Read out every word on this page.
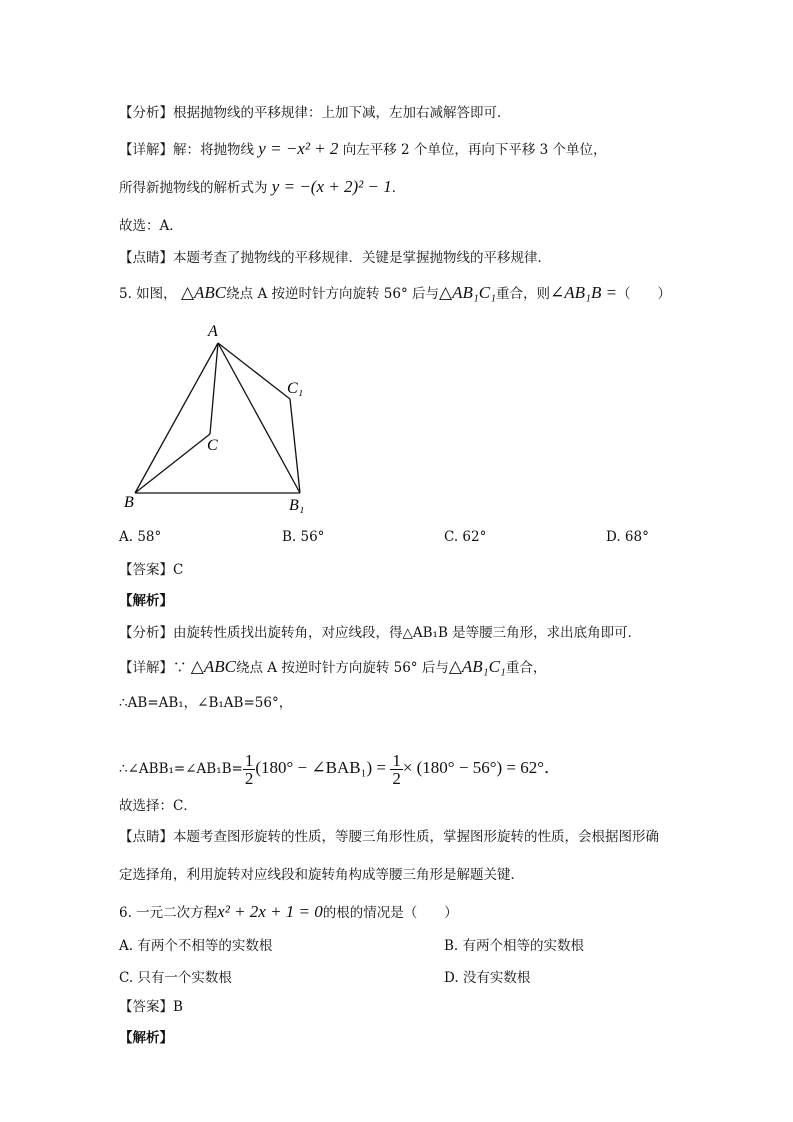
【分析】根据抛物线的平移规律：上加下减，左加右减解答即可．
【详解】解：将抛物线 y = −x² + 2 向左平移 2 个单位，再向下平移 3 个单位，
所得新抛物线的解析式为 y = −(x + 2)² − 1．
故选：A．
【点睛】本题考查了抛物线的平移规律．关键是掌握抛物线的平移规律．
5. 如图， △ABC绕点 A 按逆时针方向旋转 56° 后与△AB₁C₁重合，则∠AB₁B =（　　）
A
C₁
C
B	B₁
A. 58°	B. 56°	C. 62°	D. 68°
【答案】C
【解析】
【分析】由旋转性质找出旋转角，对应线段，得△AB₁B 是等腰三角形，求出底角即可．
【详解】∵ △ABC绕点 A 按逆时针方向旋转 56° 后与△AB₁C₁重合，
∴AB=AB₁，∠B₁AB=56°，
∴∠ABB₁=∠AB₁B= $\frac{1}{2} (180^\circ$ − ∠BAB₁) = $\frac{1}{2} \times (180^\circ - 56^\circ) = 62^\circ$．
故选择：C．
【点睛】本题考查图形旋转的性质，等腰三角形性质，掌握图形旋转的性质，会根据图形确
定选择角，利用旋转对应线段和旋转角构成等腰三角形是解题关键．
6. 一元二次方程x² + 2x + 1 = 0的根的情况是（　　）
A. 有两个不相等的实数根	B. 有两个相等的实数根
C. 只有一个实数根	D. 没有实数根
【答案】B
【解析】
